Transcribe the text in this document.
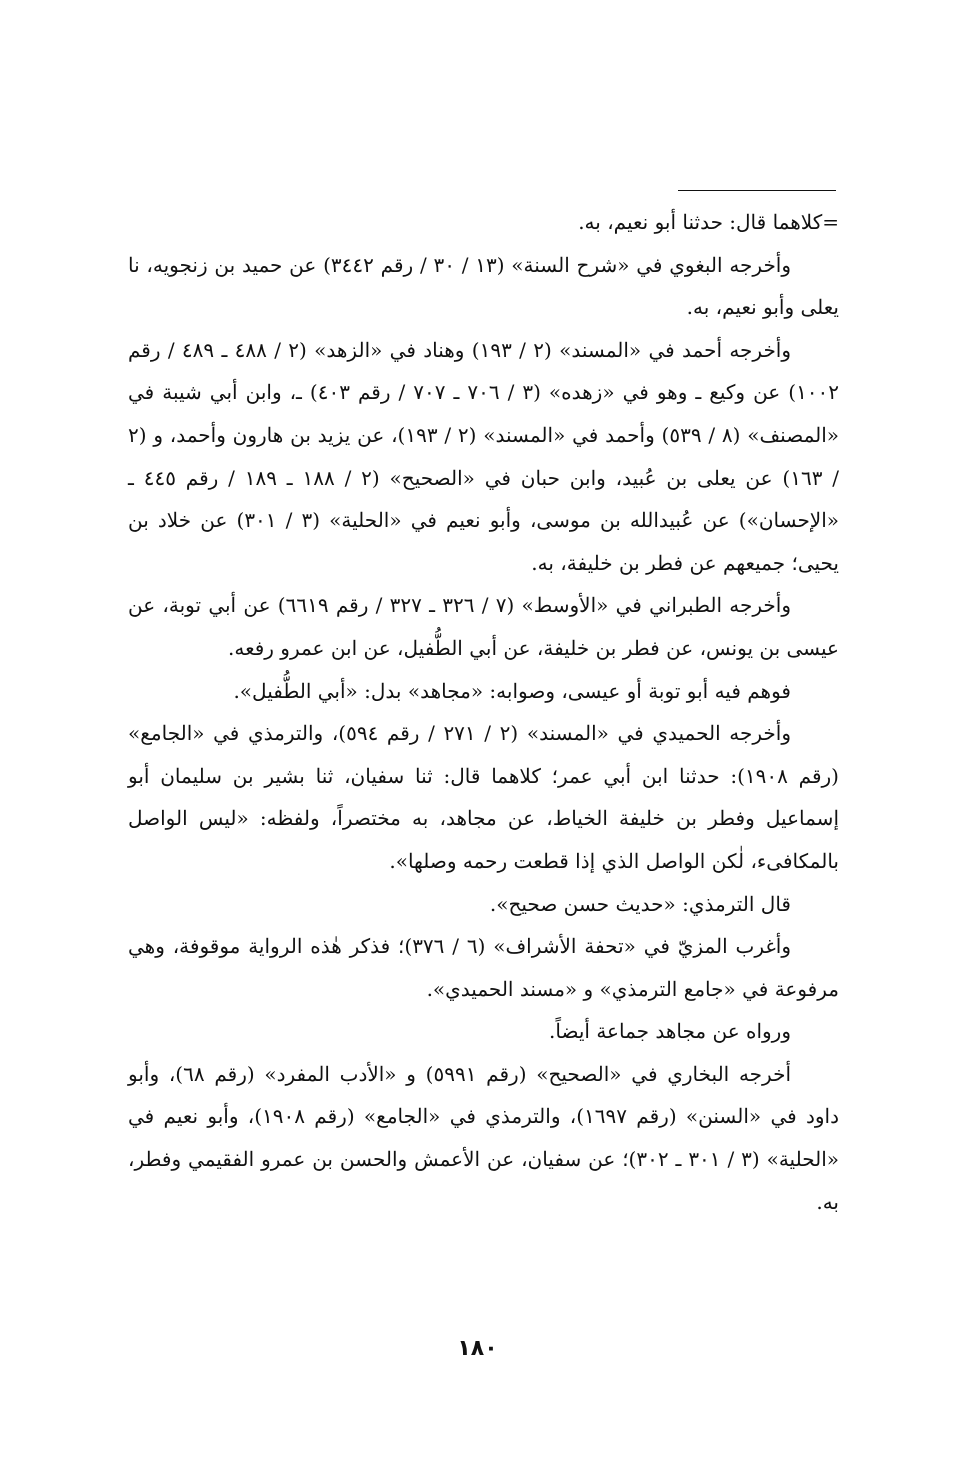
=كلاهما قال: حدثنا أبو نعيم، به.

وأخرجه البغوي في «شرح السنة» (١٣ / ٣٠ / رقم ٣٤٤٢) عن حميد بن زنجويه، نا يعلى وأبو نعيم، به.

وأخرجه أحمد في «المسند» (٢ / ١٩٣) وهناد في «الزهد» (٢ / ٤٨٨ ـ ٤٨٩ / رقم ١٠٠٢) عن وكيع ـ وهو في «زهده» (٣ / ٧٠٦ ـ ٧٠٧ / رقم ٤٠٣) ـ، وابن أبي شيبة في «المصنف» (٨ / ٥٣٩) وأحمد في «المسند» (٢ / ١٩٣)، عن يزيد بن هارون وأحمد، و (٢ / ١٦٣) عن يعلى بن عُبيد، وابن حبان في «الصحيح» (٢ / ١٨٨ ـ ١٨٩ / رقم ٤٤٥ ـ «الإحسان») عن عُبيدالله بن موسى، وأبو نعيم في «الحلية» (٣ / ٣٠١) عن خلاد بن يحيى؛ جميعهم عن فطر بن خليفة، به.

وأخرجه الطبراني في «الأوسط» (٧ / ٣٢٦ ـ ٣٢٧ / رقم ٦٦١٩) عن أبي توبة، عن عيسى بن يونس، عن فطر بن خليفة، عن أبي الطُّفيل، عن ابن عمرو رفعه.

فوهم فيه أبو توبة أو عيسى، وصوابه: «مجاهد» بدل: «أبي الطُّفيل».

وأخرجه الحميدي في «المسند» (٢ / ٢٧١ / رقم ٥٩٤)، والترمذي في «الجامع» (رقم ١٩٠٨): حدثنا ابن أبي عمر؛ كلاهما قال: ثنا سفيان، ثنا بشير بن سليمان أبو إسماعيل وفطر بن خليفة الخياط، عن مجاهد، به مختصراً، ولفظه: «ليس الواصل بالمكافىء، لٰكن الواصل الذي إذا قطعت رحمه وصلها».

قال الترمذي: «حديث حسن صحيح».

وأغرب المزيّ في «تحفة الأشراف» (٦ / ٣٧٦)؛ فذكر هٰذه الرواية موقوفة، وهي مرفوعة في «جامع الترمذي» و «مسند الحميدي».

ورواه عن مجاهد جماعة أيضاً.

أخرجه البخاري في «الصحيح» (رقم ٥٩٩١) و «الأدب المفرد» (رقم ٦٨)، وأبو داود في «السنن» (رقم ١٦٩٧)، والترمذي في «الجامع» (رقم ١٩٠٨)، وأبو نعيم في «الحلية» (٣ / ٣٠١ ـ ٣٠٢)؛ عن سفيان، عن الأعمش والحسن بن عمرو الفقيمي وفطر، به.

١٨٠
